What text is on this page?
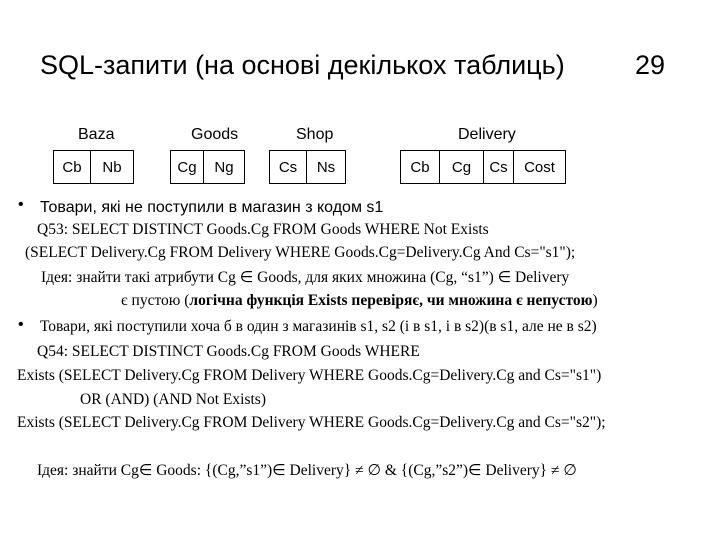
SQL-запити (на основі декількох таблиць)	29
Baza	Goods	Shop	Delivery
Cb	Nb	Cg	Ng	Cs	Ns	Cb	Cg	Cs	Cost
• Товари, які не поступили в магазин з кодом s1
Q53: SELECT DISTINCT Goods.Cg FROM Goods WHERE Not Exists
(SELECT Delivery.Cg FROM Delivery WHERE Goods.Cg=Delivery.Cg And Cs="s1");
Ідея: знайти такі атрибути Cg ∈ Goods, для яких множина (Cg, “s1”) ∈ Delivery
є пустою (логічна функція Exists перевіряє, чи множина є непустою)
• Товари, які поступили хоча б в один з магазинів s1, s2 (і в s1, і в s2)(в s1, але не в s2)
Q54: SELECT DISTINCT Goods.Cg FROM Goods WHERE
Exists (SELECT Delivery.Cg FROM Delivery WHERE Goods.Cg=Delivery.Cg and Cs="s1")
OR (AND) (AND Not Exists)
Exists (SELECT Delivery.Cg FROM Delivery WHERE Goods.Cg=Delivery.Cg and Cs="s2");
Ідея: знайти Cg∈ Goods: {(Cg,”s1”)∈ Delivery} ≠ ∅ & {(Cg,”s2”)∈ Delivery} ≠ ∅
